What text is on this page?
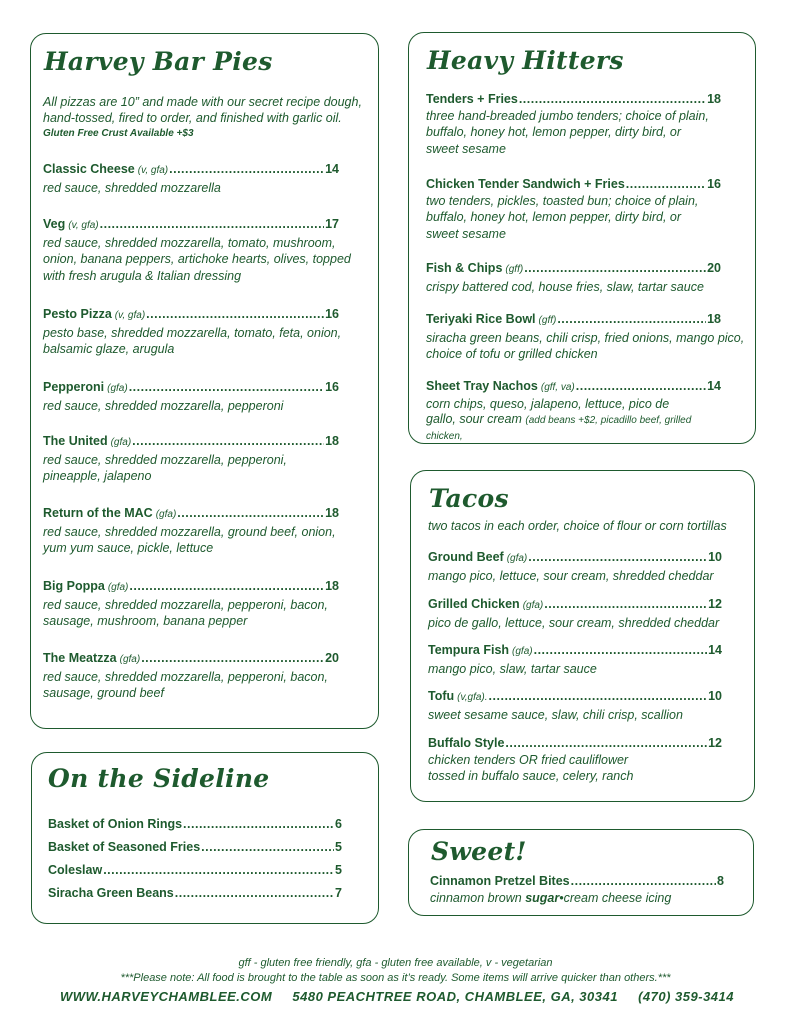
Harvey Bar Pies
All pizzas are 10” and made with our secret recipe dough, hand-tossed, fired to order, and finished with garlic oil.
Gluten Free Crust Available +$3
Classic Cheese (v, gfa) .....	14
red sauce, shredded mozzarella
Veg (v, gfa) .....	17
red sauce, shredded mozzarella, tomato, mushroom, onion, banana peppers, artichoke hearts, olives, topped with fresh arugula & Italian dressing
Pesto Pizza (v, gfa) .....	16
pesto base, shredded mozzarella, tomato, feta, onion, balsamic glaze, arugula
Pepperoni (gfa) .....	16
red sauce, shredded mozzarella, pepperoni
The United (gfa) .....	18
red sauce, shredded mozzarella, pepperoni, pineapple, jalapeno
Return of the MAC (gfa) .....	18
red sauce, shredded mozzarella, ground beef, onion, yum yum sauce, pickle, lettuce
Big Poppa (gfa) .....	18
red sauce, shredded mozzarella, pepperoni, bacon, sausage, mushroom, banana pepper
The Meatzza (gfa) .....	20
red sauce, shredded mozzarella, pepperoni, bacon, sausage, ground beef
On the Sideline
Basket of Onion Rings .....	6
Basket of Seasoned Fries .....	5
Coleslaw .....	5
Siracha Green Beans .....	7
Heavy Hitters
Tenders + Fries .....	18
three hand-breaded jumbo tenders; choice of plain, buffalo, honey hot, lemon pepper, dirty bird, or sweet sesame
Chicken Tender Sandwich + Fries .....	16
two tenders, pickles, toasted bun; choice of plain, buffalo, honey hot, lemon pepper, dirty bird, or sweet sesame
Fish & Chips (gff) .....	20
crispy battered cod, house fries, slaw, tartar sauce
Teriyaki Rice Bowl (gff) .....	18
siracha green beans, chili crisp, fried onions, mango pico, choice of tofu or grilled chicken
Sheet Tray Nachos (gff, va) .....	14
corn chips, queso, jalapeno, lettuce, pico de gallo, sour cream (add beans +$2, picadillo beef, grilled chicken,
Tacos
two tacos in each order, choice of flour or corn tortillas
Ground Beef (gfa) .....	10
mango pico, lettuce, sour cream, shredded cheddar
Grilled Chicken (gfa) .....	12
pico de gallo, lettuce, sour cream, shredded cheddar
Tempura Fish (gfa) .....	14
mango pico, slaw, tartar sauce
Tofu (v,gfa). .....	10
sweet sesame sauce, slaw, chili crisp, scallion
Buffalo Style .....	12
chicken tenders OR fried cauliflower tossed in buffalo sauce, celery, ranch
Sweet!
Cinnamon Pretzel Bites .....	8
cinnamon brown sugar•cream cheese icing
gff - gluten free friendly, gfa - gluten free available, v - vegetarian
***Please note: All food is brought to the table as soon as it’s ready. Some items will arrive quicker than others.***
WWW.HARVEYCHAMBLEE.COM 5480 PEACHTREE ROAD, CHAMBLEE, GA, 30341 (470) 359-3414
